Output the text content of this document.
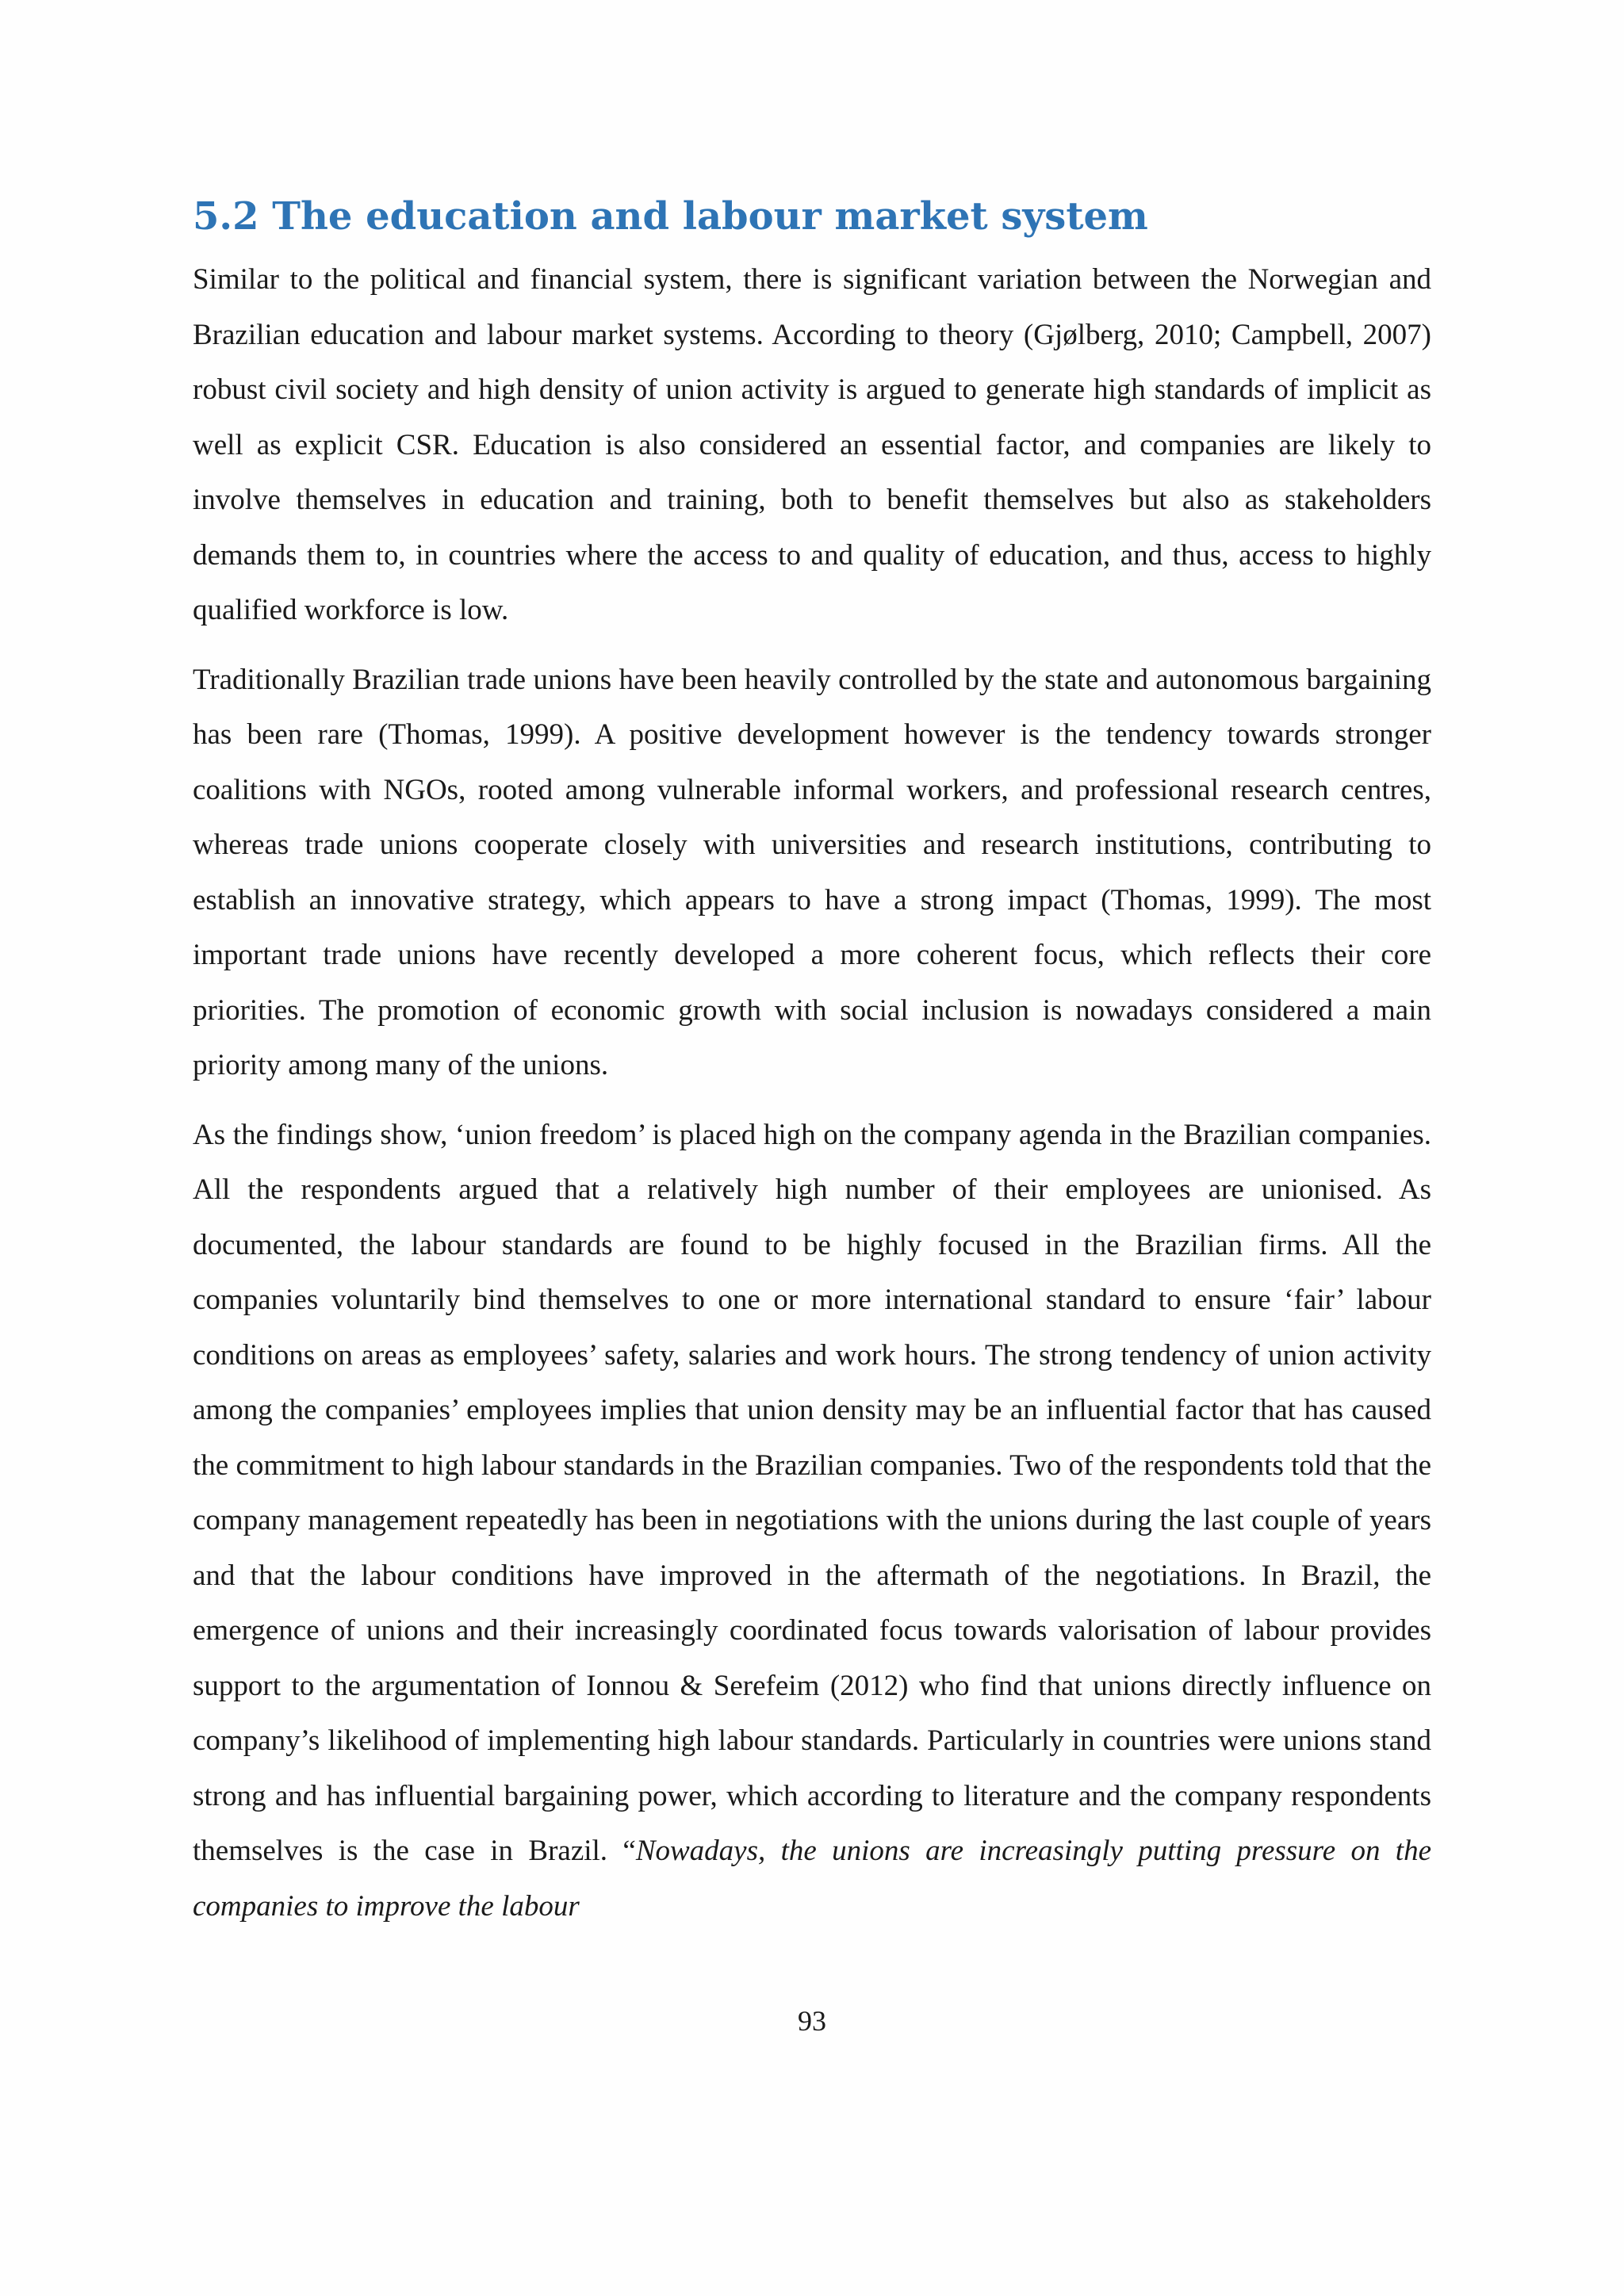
5.2 The education and labour market system

Similar to the political and financial system, there is significant variation between the Norwegian and Brazilian education and labour market systems. According to theory (Gjølberg, 2010; Campbell, 2007) robust civil society and high density of union activity is argued to generate high standards of implicit as well as explicit CSR. Education is also considered an essential factor, and companies are likely to involve themselves in education and training, both to benefit themselves but also as stakeholders demands them to, in countries where the access to and quality of education, and thus, access to highly qualified workforce is low.

Traditionally Brazilian trade unions have been heavily controlled by the state and autonomous bargaining has been rare (Thomas, 1999). A positive development however is the tendency towards stronger coalitions with NGOs, rooted among vulnerable informal workers, and professional research centres, whereas trade unions cooperate closely with universities and research institutions, contributing to establish an innovative strategy, which appears to have a strong impact (Thomas, 1999). The most important trade unions have recently developed a more coherent focus, which reflects their core priorities. The promotion of economic growth with social inclusion is nowadays considered a main priority among many of the unions.

As the findings show, ‘union freedom’ is placed high on the company agenda in the Brazilian companies. All the respondents argued that a relatively high number of their employees are unionised. As documented, the labour standards are found to be highly focused in the Brazilian firms. All the companies voluntarily bind themselves to one or more international standard to ensure ‘fair’ labour conditions on areas as employees’ safety, salaries and work hours. The strong tendency of union activity among the companies’ employees implies that union density may be an influential factor that has caused the commitment to high labour standards in the Brazilian companies. Two of the respondents told that the company management repeatedly has been in negotiations with the unions during the last couple of years and that the labour conditions have improved in the aftermath of the negotiations. In Brazil, the emergence of unions and their increasingly coordinated focus towards valorisation of labour provides support to the argumentation of Ionnou & Serefeim (2012) who find that unions directly influence on company’s likelihood of implementing high labour standards. Particularly in countries were unions stand strong and has influential bargaining power, which according to literature and the company respondents themselves is the case in Brazil. “Nowadays, the unions are increasingly putting pressure on the companies to improve the labour

93
